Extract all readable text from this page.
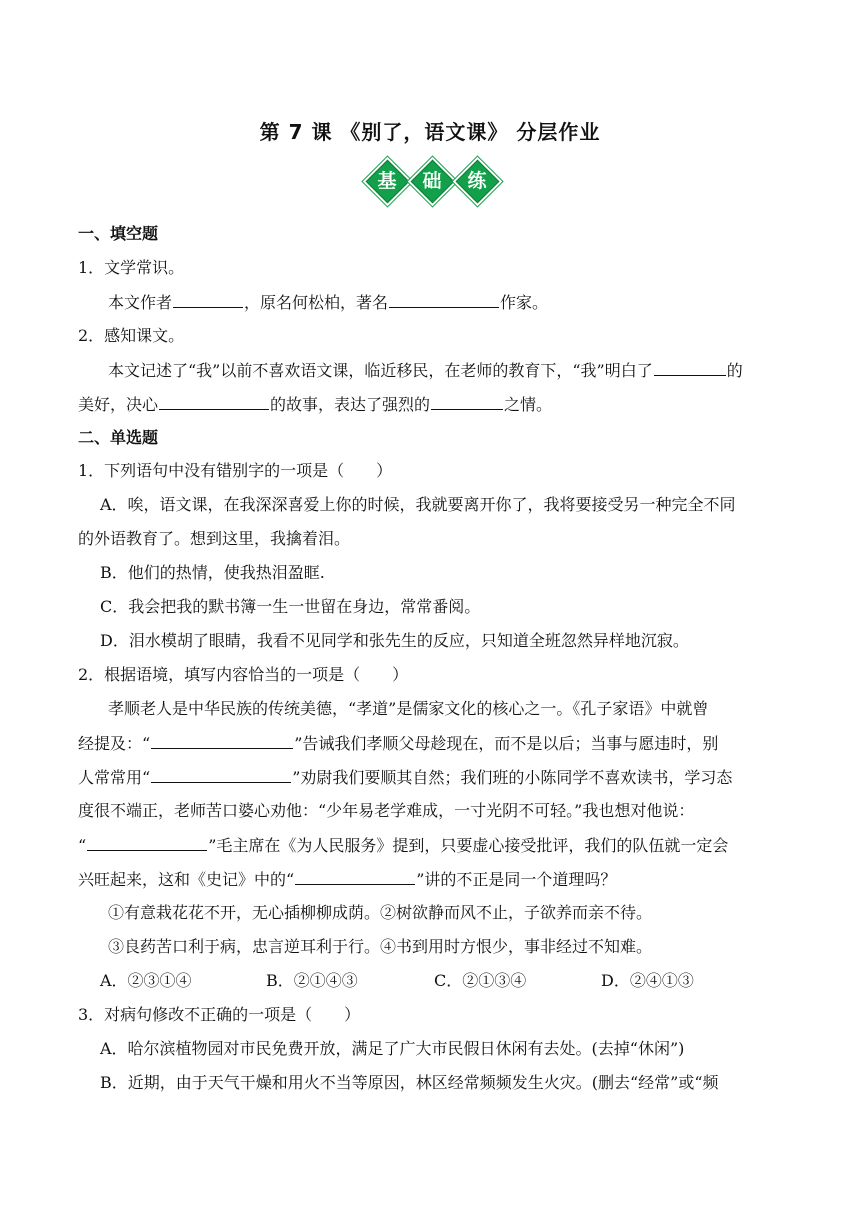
第 7 课 《别了，语文课》 分层作业
基	础	练
一、填空题
1．文学常识。
本文作者	，原名何松柏，著名	作家。
2．感知课文。
本文记述了“我”以前不喜欢语文课，临近移民，在老师的教育下，“我”明白了	的
美好，决心	的故事，表达了强烈的	之情。
二、单选题
1．下列语句中没有错别字的一项是（　　）
A．唉，语文课，在我深深喜爱上你的时候，我就要离开你了，我将要接受另一种完全不同
的外语教育了。想到这里，我擒着泪。
B．他们的热情，使我热泪盈眶.
C．我会把我的默书簿一生一世留在身边，常常番阅。
D．泪水模胡了眼睛，我看不见同学和张先生的反应，只知道全班忽然异样地沉寂。
2．根据语境，填写内容恰当的一项是（　　）
孝顺老人是中华民族的传统美德，“孝道”是儒家文化的核心之一。《孔子家语》中就曾
经提及：“	”告诫我们孝顺父母趁现在，而不是以后；当事与愿违时，别
人常常用“	”劝尉我们要顺其自然；我们班的小陈同学不喜欢读书，学习态
度很不端正，老师苦口婆心劝他：“少年易老学难成，一寸光阴不可轻。”我也想对他说：
“	”毛主席在《为人民服务》提到，只要虚心接受批评，我们的队伍就一定会
兴旺起来，这和《史记》中的“	”讲的不正是同一个道理吗？
①有意栽花花不开，无心插柳柳成荫。②树欲静而风不止，子欲养而亲不待。
③良药苦口利于病，忠言逆耳利于行。④书到用时方恨少，事非经过不知难。
A．②③①④	B．②①④③	C．②①③④	D．②④①③
3．对病句修改不正确的一项是（　　）
A．哈尔滨植物园对市民免费开放，满足了广大市民假日休闲有去处。(去掉“休闲”)
B．近期，由于天气干燥和用火不当等原因，林区经常频频发生火灾。(删去“经常”或“频
